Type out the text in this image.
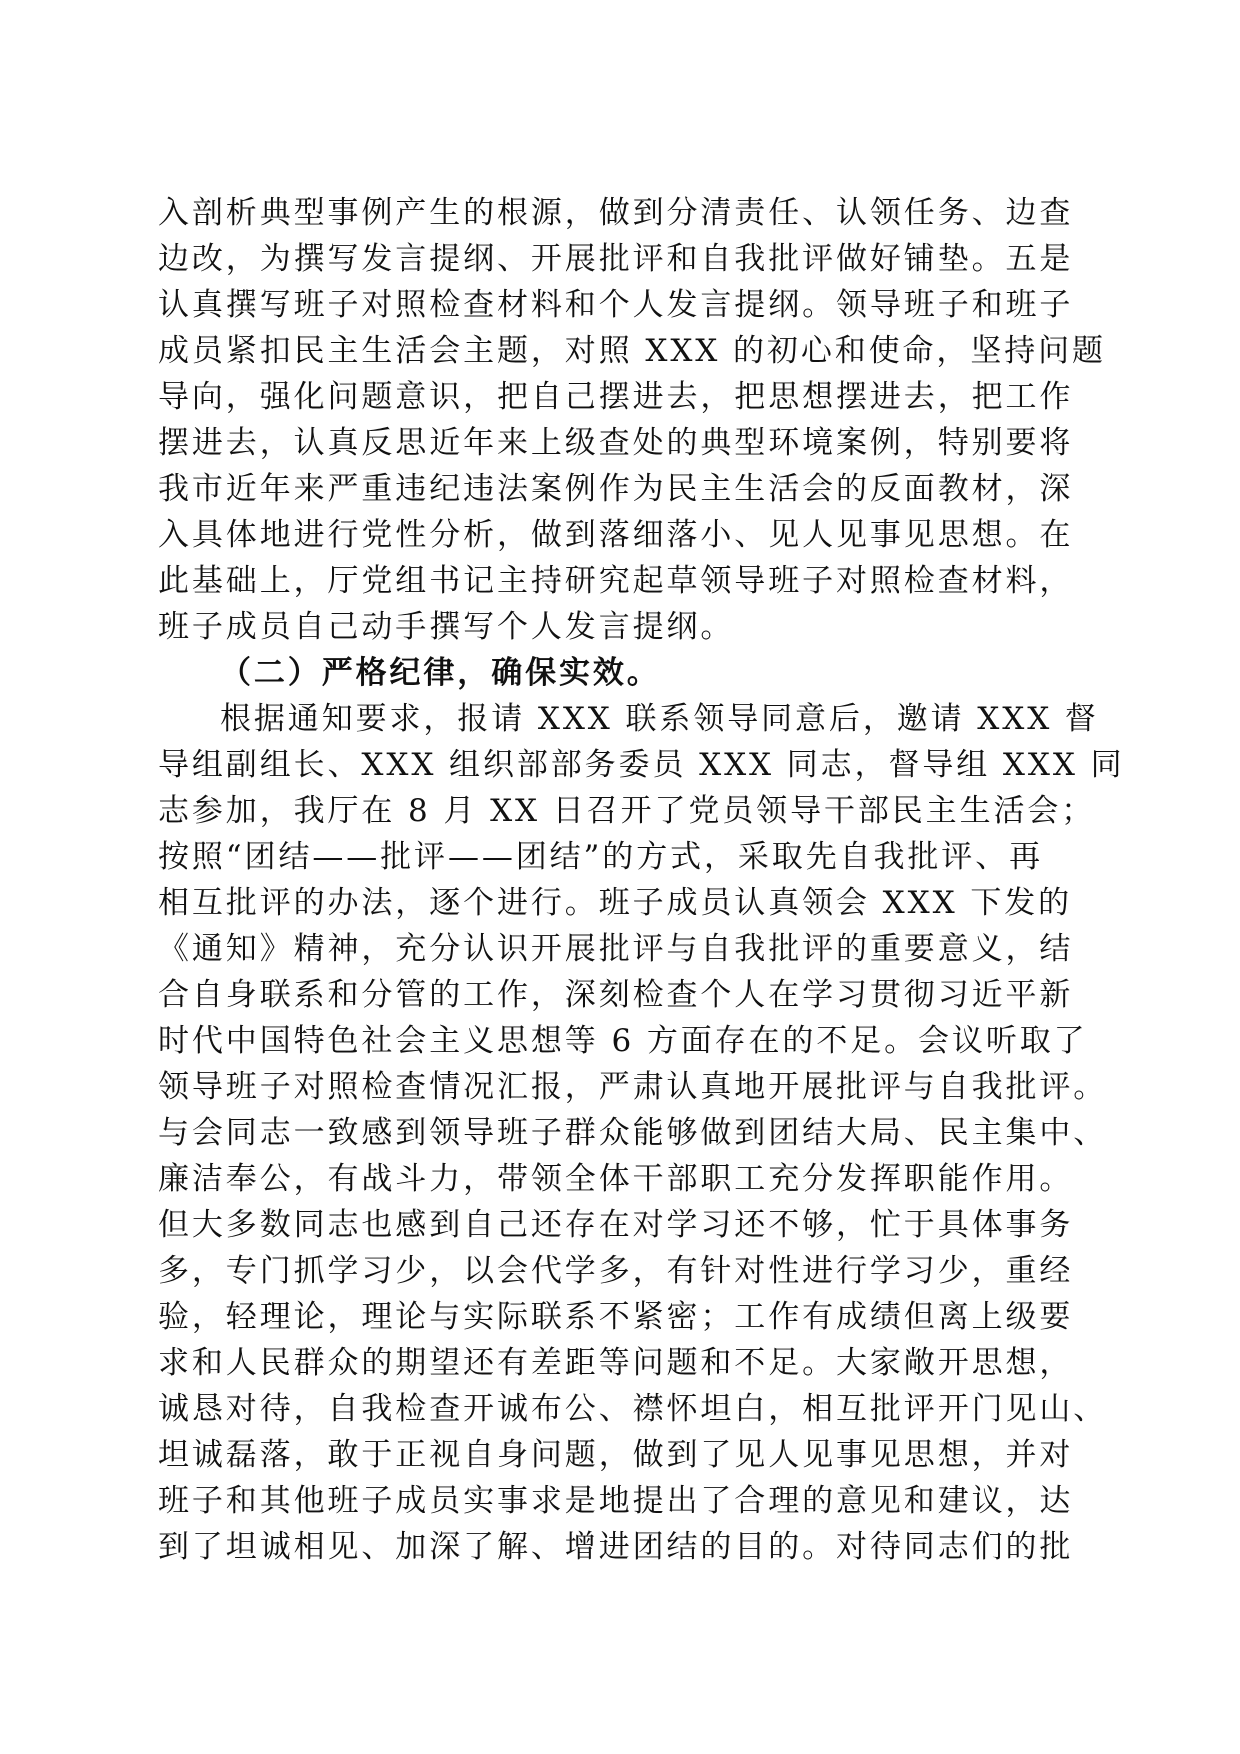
入剖析典型事例产生的根源，做到分清责任、认领任务、边查
边改，为撰写发言提纲、开展批评和自我批评做好铺垫。五是
认真撰写班子对照检查材料和个人发言提纲。领导班子和班子
成员紧扣民主生活会主题，对照 XXX 的初心和使命，坚持问题
导向，强化问题意识，把自己摆进去，把思想摆进去，把工作
摆进去，认真反思近年来上级查处的典型环境案例，特别要将
我市近年来严重违纪违法案例作为民主生活会的反面教材，深
入具体地进行党性分析，做到落细落小、见人见事见思想。在
此基础上，厅党组书记主持研究起草领导班子对照检查材料，
班子成员自己动手撰写个人发言提纲。
（二）严格纪律，确保实效。
根据通知要求，报请 XXX 联系领导同意后，邀请 XXX 督
导组副组长、XXX 组织部部务委员 XXX 同志，督导组 XXX 同
志参加，我厅在 8 月 XX 日召开了党员领导干部民主生活会；
按照“团结——批评——团结”的方式，采取先自我批评、再
相互批评的办法，逐个进行。班子成员认真领会 XXX 下发的
《通知》精神，充分认识开展批评与自我批评的重要意义，结
合自身联系和分管的工作，深刻检查个人在学习贯彻习近平新
时代中国特色社会主义思想等 6 方面存在的不足。会议听取了
领导班子对照检查情况汇报，严肃认真地开展批评与自我批评。
与会同志一致感到领导班子群众能够做到团结大局、民主集中、
廉洁奉公，有战斗力，带领全体干部职工充分发挥职能作用。
但大多数同志也感到自己还存在对学习还不够，忙于具体事务
多，专门抓学习少，以会代学多，有针对性进行学习少，重经
验，轻理论，理论与实际联系不紧密；工作有成绩但离上级要
求和人民群众的期望还有差距等问题和不足。大家敞开思想，
诚恳对待，自我检查开诚布公、襟怀坦白，相互批评开门见山、
坦诚磊落，敢于正视自身问题，做到了见人见事见思想，并对
班子和其他班子成员实事求是地提出了合理的意见和建议，达
到了坦诚相见、加深了解、增进团结的目的。对待同志们的批
